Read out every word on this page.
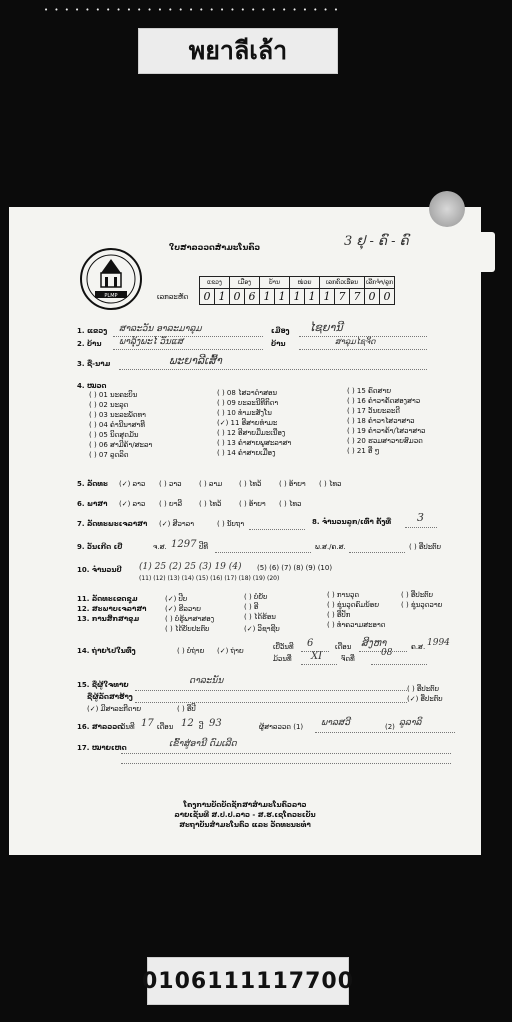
• • • • • • • • • • • • • • • • • • • • • • • • • • • • •
พยาลีเล้า
PLMP
ໃບສາລວວດສຳມະໂນຄົວ	3 ຢຸ - ຄົ - ຄົ
ເລກລະຫັດ
ແຂວງ		ເມືອງ		ບ້ານ		ໜ່ວຍ		ເລກຄົວເຮືອນ			ເລີກຈຳ/ລູກ	
0	1	0	6	1	1	1	1	1	7	7	0	0
1. ແຂວງ ສາລະວັນ ອາລະມາລຸມ	ເມືອງ ໄຊຍານີ
2. ບ້ານ ພາລຸ້ງພະໄ ວັນແສ	ບ້ານ	ສາລຸມໄຊຈິດ
3. ຊື່-ນາມ	ພະຍາລີເສົ້າ
4. ໝວດ
( ) 01 ນະຄະບິນ
( ) 02 ນະລຸດ
( ) 03 ນະລະພັດທາ
( ) 04 ຄຳນີນາສາທີ
( ) 05 ນິດສຸດມັນ
( ) 06 ສາມີຄ້າ/ສະລາ
( ) 07 ລູດລິດ
( ) 08 ໄສວາດຳສອນ
( ) 09 ບະລະນີທີກິດາ
( ) 10 ທຳມະສັງໂນ
(✓) 11 ອີສາຍທຳມະ
( ) 12 ອີສາຍມີ່ມະເນືອງ
( ) 13 ຄຳສາຍພູສະລາສາ
( ) 14 ຄຳສາຍເມືອງ
( ) 15 ຄົດສາຍ
( ) 16 ຄຳວາຄັດສອງສາວ
( ) 17 ວັນຍະລະດີ
( ) 18 ຄຳວາໄສວາສາວ
( ) 19 ຄຳວາຄ້າ/ໄສວາສາວ
( ) 20 ຮວມສາວາຍສົມວດ
( ) 21 ອີ່ ໆ
5. ລັດທະ (✓) ລາວ ( ) ວາວ ( ) ລາມ ( ) ໄທວ້	( ) ອ້າຍາ ( ) ໄທວ
6. ພາສາ (✓) ລາວ ( ) ຍາລີ ( ) ໄທວ້	( ) ອ້າຍາ ( ) ໄທວ
7. ລັດທະພະເຈລາສາ (✓) ສີວາລາ	( ) ນັບຖາ	8. ຈຳນວນລູກ/ເທົ່າ ຄັ້ງທີ່ 3
9. ວັນເກີດ ເປີ່	ຈ.ສ. 1297 ປີທີ	ພ.ສ./ຄ.ສ.	( ) ອີ່ປະຕົບ
10. ຈຳນວນປີ (1) 25 (2) 25 (3) 19 (4) (5) (6) (7) (8) (9) (10)
(11) (12) (13) (14) (15) (16) (17) (18) (19) (20)
11. ລັດທະເຂດຊຸມ	(✓) ປີບ	( ) ບໍ່ຍັບ	( ) ການວຸດ	( ) ອີ່ປະຕົບ
12. ສະພາບເຈລາສາ	(✓) ຮີລວາຍ	( ) ອີ	( ) ຊຸ່ນວຸດຄົມນ້ອຍ	( ) ຊຸ່ນວຸດວາຍ
13. ການສຶກສາຂຸມ	( ) ບໍ່ຮູ້ພາສາສອງ	( ) ໄດ້ຮ້ອນ
( ) ທຳຄວາມສະອາດ
( ) ໄດ້ບັບປະຕົບ	(✓) ວິຊາຊີບ
( ) ອີ່ປັກ
14. ຖ່າຍໄປໃນທົ່ງ	( ) ບໍ່ຖ່າຍ (✓) ຖ່າຍ	ເບີ່ວັນທີ 6	ເດືອນ ສິງຫາ	ຄ.ສ. 1994
ມ້ວນທີ່ XI	ຈົດທີ່
08
15. ຊື່ຜູ້ໃຈທາຍ	ດາລະນັນ
( ) ອີ່ປະຕົບ
ຊື່ຜູ້ລັດສາຮ້າງ	(✓) ອີ່ປະຕົບ
(✓) ມີສາລະກີດາຍ	( ) ອີ່ປີ
16. ສາລວວດ
ວັນທີ 17 ເດືອນ 12 ປີ 93	ຜູ້ສາລວວດ (1) ພາລສວີ	(2) ລູລາລິ
17. ໝາຍເຫດ	ເຂົ້າສູ່ອານີ ດົມເລີດ
ໂຄງການບັດບັດຊັກສາສຳມະໂນຄົວລາວ
ລາຍເຊັນທີ ສ.ປ.ປ.ລາວ - ສ.ຮ.ເຊໂຄວະເບັນ
ສະຖາບັນສຳມະໂນຄົວ ແລະ ວັດທະນະທຳ
0106111117700
